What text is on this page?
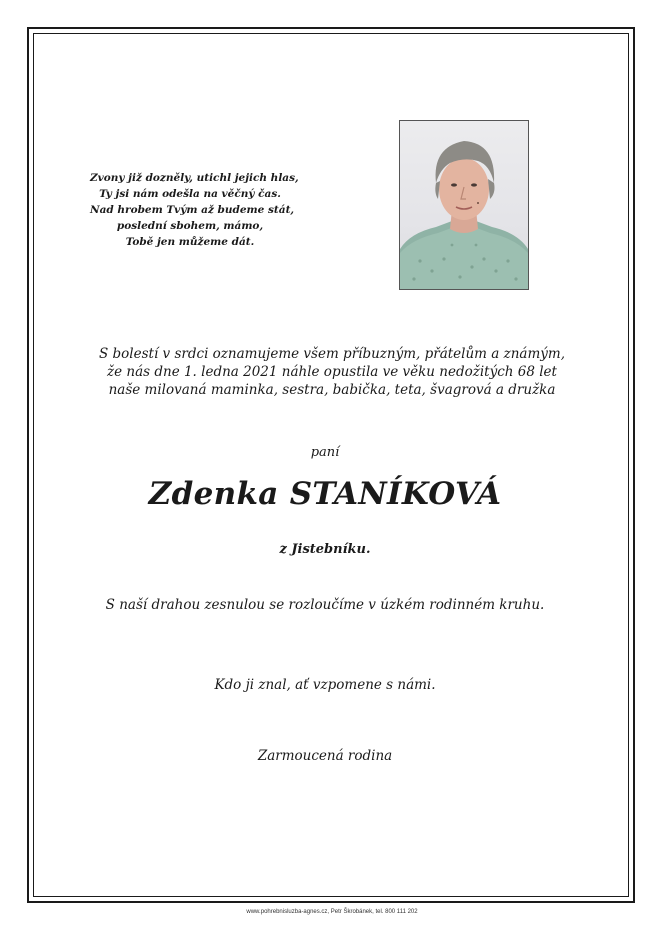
Zvony již dozněly, utichl jejich hlas,
Ty jsi nám odešla na věčný čas.
Nad hrobem Tvým až budeme stát,
poslední sbohem, mámo,
Tobě jen můžeme dát.
S bolestí v srdci oznamujeme všem příbuzným, přátelům a známým,
že nás dne 1. ledna 2021 náhle opustila ve věku nedožitých 68 let
naše milovaná maminka, sestra, babička, teta, švagrová a družka
paní
Zdenka STANÍKOVÁ
z Jistebníku.
S naší drahou zesnulou se rozloučíme v úzkém rodinném kruhu.
Kdo ji znal, ať vzpomene s námi.
Zarmoucená rodina
www.pohrebnisluzba-agnes.cz, Petr Škrobánek, tel. 800 111 202
